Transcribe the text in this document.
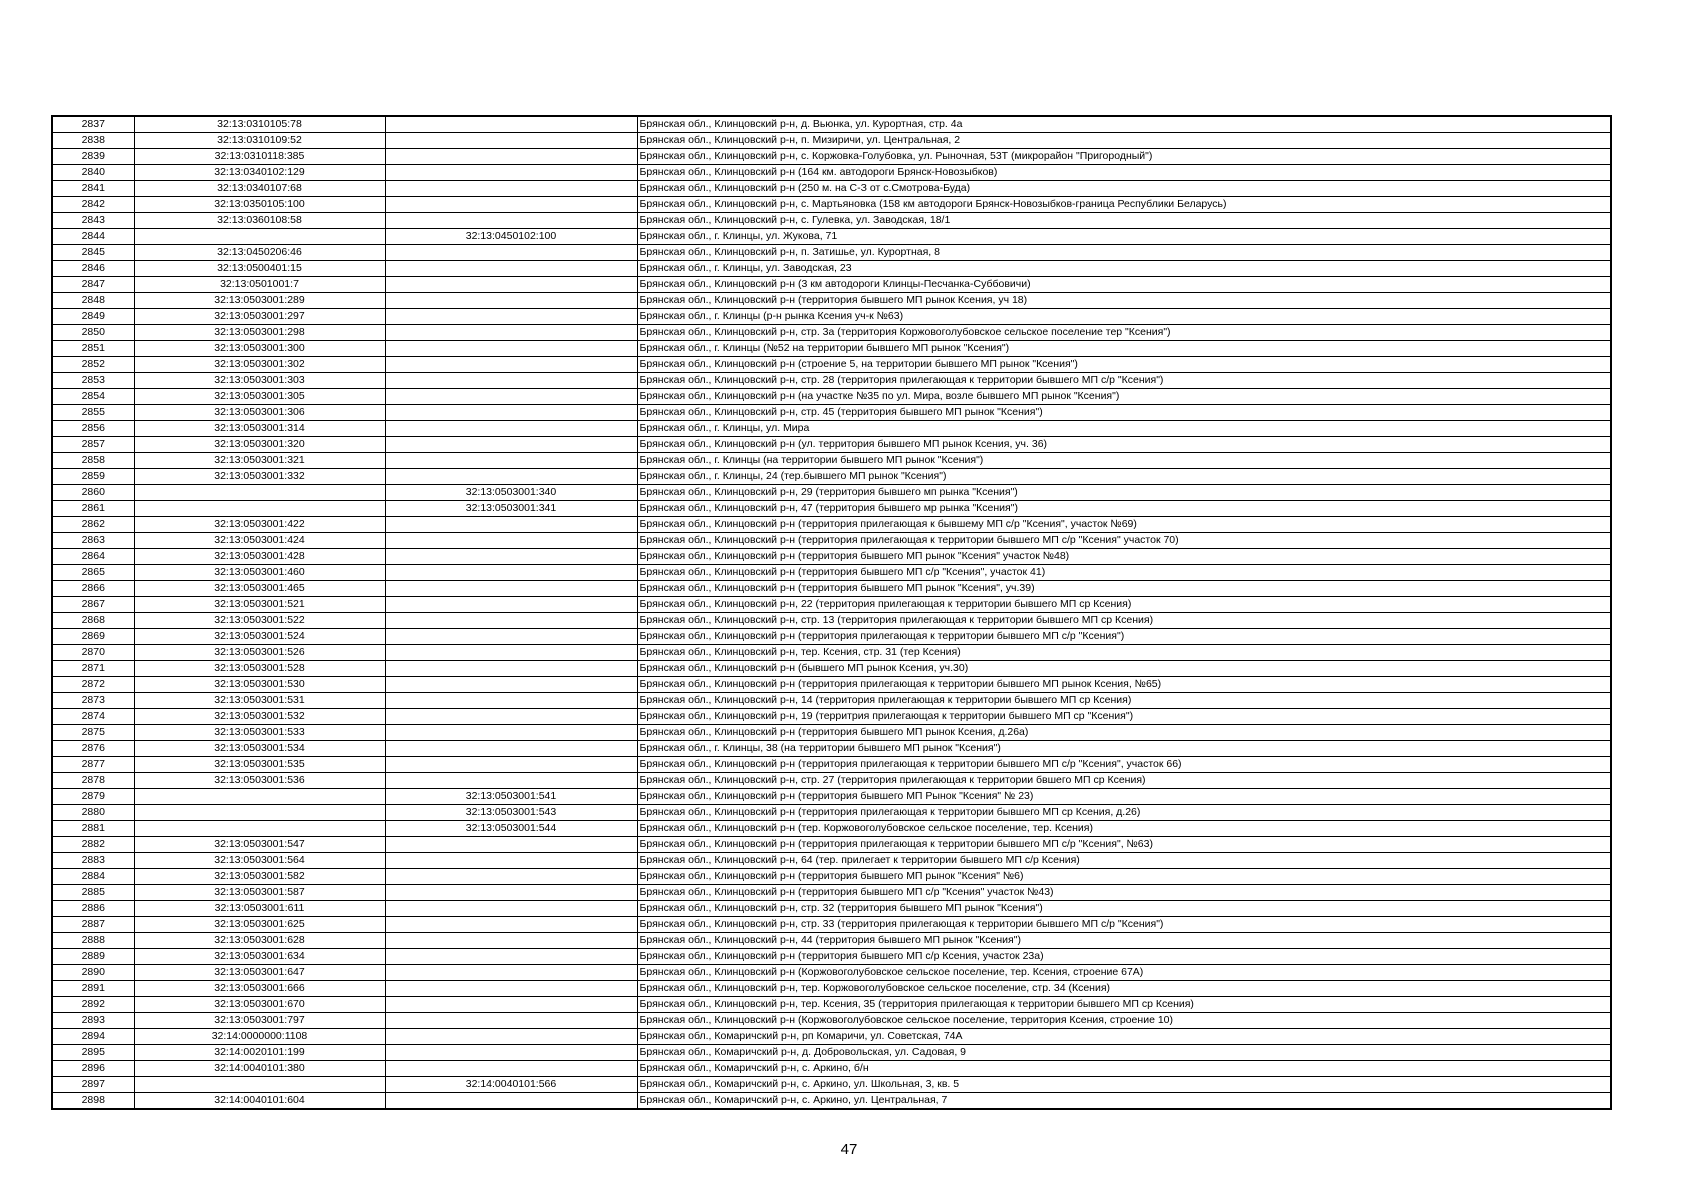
2837	32:13:0310105:78		Брянская обл., Клинцовский р-н, д. Вьюнка, ул. Курортная, стр. 4а
2838	32:13:0310109:52		Брянская обл., Клинцовский р-н, п. Мизиричи, ул. Центральная, 2
2839	32:13:0310118:385		Брянская обл., Клинцовский р-н, с. Коржовка-Голубовка, ул. Рыночная, 53Т (микрорайон "Пригородный")
2840	32:13:0340102:129		Брянская обл., Клинцовский р-н (164 км. автодороги Брянск-Новозыбков)
2841	32:13:0340107:68		Брянская обл., Клинцовский р-н (250 м. на С-З от с.Смотрова-Буда)
2842	32:13:0350105:100		Брянская обл., Клинцовский р-н, с. Мартьяновка (158 км автодороги Брянск-Новозыбков-граница Республики Беларусь)
2843	32:13:0360108:58		Брянская обл., Клинцовский р-н, с. Гулевка, ул. Заводская, 18/1
2844		32:13:0450102:100	Брянская обл., г. Клинцы, ул. Жукова, 71
2845	32:13:0450206:46		Брянская обл., Клинцовский р-н, п. Затишье, ул. Курортная, 8
2846	32:13:0500401:15		Брянская обл., г. Клинцы, ул. Заводская, 23
2847	32:13:0501001:7		Брянская обл., Клинцовский р-н (3 км автодороги Клинцы-Песчанка-Суббовичи)
2848	32:13:0503001:289		Брянская обл., Клинцовский р-н (территория бывшего МП рынок Ксения, уч 18)
2849	32:13:0503001:297		Брянская обл., г. Клинцы (р-н рынка Ксения уч-к №63)
2850	32:13:0503001:298		Брянская обл., Клинцовский р-н, стр. 3а (территория Коржовоголубовское сельское поселение тер "Ксения")
2851	32:13:0503001:300		Брянская обл., г. Клинцы (№52 на территории бывшего МП рынок "Ксения")
2852	32:13:0503001:302		Брянская обл., Клинцовский р-н (строение 5, на территории бывшего МП рынок "Ксения")
2853	32:13:0503001:303		Брянская обл., Клинцовский р-н, стр. 28 (территория прилегающая к территории бывшего МП с/р "Ксения")
2854	32:13:0503001:305		Брянская обл., Клинцовский р-н (на участке №35 по ул. Мира, возле бывшего МП рынок "Ксения")
2855	32:13:0503001:306		Брянская обл., Клинцовский р-н, стр. 45 (территория бывшего МП рынок "Ксения")
2856	32:13:0503001:314		Брянская обл., г. Клинцы, ул. Мира
2857	32:13:0503001:320		Брянская обл., Клинцовский р-н (ул. территория бывшего МП рынок Ксения, уч. 36)
2858	32:13:0503001:321		Брянская обл., г. Клинцы (на территории бывшего МП рынок "Ксения")
2859	32:13:0503001:332		Брянская обл., г. Клинцы, 24 (тер.бывшего МП рынок "Ксения")
2860		32:13:0503001:340	Брянская обл., Клинцовский р-н, 29 (территория бывшего мп рынка "Ксения")
2861		32:13:0503001:341	Брянская обл., Клинцовский р-н, 47 (территория бывшего мр рынка "Ксения")
2862	32:13:0503001:422		Брянская обл., Клинцовский р-н (территория прилегающая к бывшему МП с/р "Ксения", участок №69)
2863	32:13:0503001:424		Брянская обл., Клинцовский р-н (территория прилегающая к территории бывшего МП с/р "Ксения" участок 70)
2864	32:13:0503001:428		Брянская обл., Клинцовский р-н (территория бывшего МП рынок "Ксения" участок №48)
2865	32:13:0503001:460		Брянская обл., Клинцовский р-н (территория бывшего МП с/р "Ксения", участок 41)
2866	32:13:0503001:465		Брянская обл., Клинцовский р-н (территория бывшего МП рынок "Ксения", уч.39)
2867	32:13:0503001:521		Брянская обл., Клинцовский р-н, 22 (территория прилегающая к территории бывшего МП ср Ксения)
2868	32:13:0503001:522		Брянская обл., Клинцовский р-н, стр. 13 (территория прилегающая к территории бывшего МП ср Ксения)
2869	32:13:0503001:524		Брянская обл., Клинцовский р-н (территория прилегающая к территории бывшего МП с/р "Ксения")
2870	32:13:0503001:526		Брянская обл., Клинцовский р-н, тер. Ксения, стр. 31 (тер Ксения)
2871	32:13:0503001:528		Брянская обл., Клинцовский р-н (бывшего МП рынок Ксения, уч.30)
2872	32:13:0503001:530		Брянская обл., Клинцовский р-н (территория прилегающая к территории бывшего МП рынок Ксения, №65)
2873	32:13:0503001:531		Брянская обл., Клинцовский р-н, 14 (территория прилегающая к территории бывшего МП ср Ксения)
2874	32:13:0503001:532		Брянская обл., Клинцовский р-н, 19 (территрия прилегающая к территории бывшего МП ср "Ксения")
2875	32:13:0503001:533		Брянская обл., Клинцовский р-н (территория бывшего МП рынок Ксения, д.26а)
2876	32:13:0503001:534		Брянская обл., г. Клинцы, 38 (на территории бывшего МП рынок "Ксения")
2877	32:13:0503001:535		Брянская обл., Клинцовский р-н (территория прилегающая к территории бывшего МП с/р "Ксения", участок 66)
2878	32:13:0503001:536		Брянская обл., Клинцовский р-н, стр. 27 (территория прилегающая к территории бвшего МП ср Ксения)
2879		32:13:0503001:541	Брянская обл., Клинцовский р-н (территория бывшего МП Рынок "Ксения" № 23)
2880		32:13:0503001:543	Брянская обл., Клинцовский р-н (территория прилегающая к территории бывшего МП ср Ксения, д.26)
2881		32:13:0503001:544	Брянская обл., Клинцовский р-н (тер. Коржовоголубовское сельское поселение, тер. Ксения)
2882	32:13:0503001:547		Брянская обл., Клинцовский р-н (территория прилегающая к территории бывшего МП с/р "Ксения", №63)
2883	32:13:0503001:564		Брянская обл., Клинцовский р-н, 64 (тер. прилегает к территории бывшего МП с/р Ксения)
2884	32:13:0503001:582		Брянская обл., Клинцовский р-н (территория бывшего МП рынок "Ксения" №6)
2885	32:13:0503001:587		Брянская обл., Клинцовский р-н (территория бывшего МП с/р "Ксения" участок №43)
2886	32:13:0503001:611		Брянская обл., Клинцовский р-н, стр. 32 (территория бывшего МП рынок "Ксения")
2887	32:13:0503001:625		Брянская обл., Клинцовский р-н, стр. 33 (территория прилегающая к территории бывшего МП с/р "Ксения")
2888	32:13:0503001:628		Брянская обл., Клинцовский р-н, 44 (территория бывшего МП рынок "Ксения")
2889	32:13:0503001:634		Брянская обл., Клинцовский р-н (территория бывшего МП с/р Ксения, участок 23а)
2890	32:13:0503001:647		Брянская обл., Клинцовский р-н (Коржовоголубовское сельское поселение, тер. Ксения, строение 67А)
2891	32:13:0503001:666		Брянская обл., Клинцовский р-н, тер. Коржовоголубовское сельское поселение, стр. 34 (Ксения)
2892	32:13:0503001:670		Брянская обл., Клинцовский р-н, тер. Ксения, 35 (территория прилегающая к территории бывшего МП ср Ксения)
2893	32:13:0503001:797		Брянская обл., Клинцовский р-н (Коржовоголубовское сельское поселение, территория Ксения, строение 10)
2894	32:14:0000000:1108		Брянская обл., Комаричский р-н, рп Комаричи, ул. Советская, 74А
2895	32:14:0020101:199		Брянская обл., Комаричский р-н, д. Добровольская, ул. Садовая, 9
2896	32:14:0040101:380		Брянская обл., Комаричский р-н, с. Аркино, б/н
2897		32:14:0040101:566	Брянская обл., Комаричский р-н, с. Аркино, ул. Школьная, 3, кв. 5
2898	32:14:0040101:604		Брянская обл., Комаричский р-н, с. Аркино, ул. Центральная, 7
47
